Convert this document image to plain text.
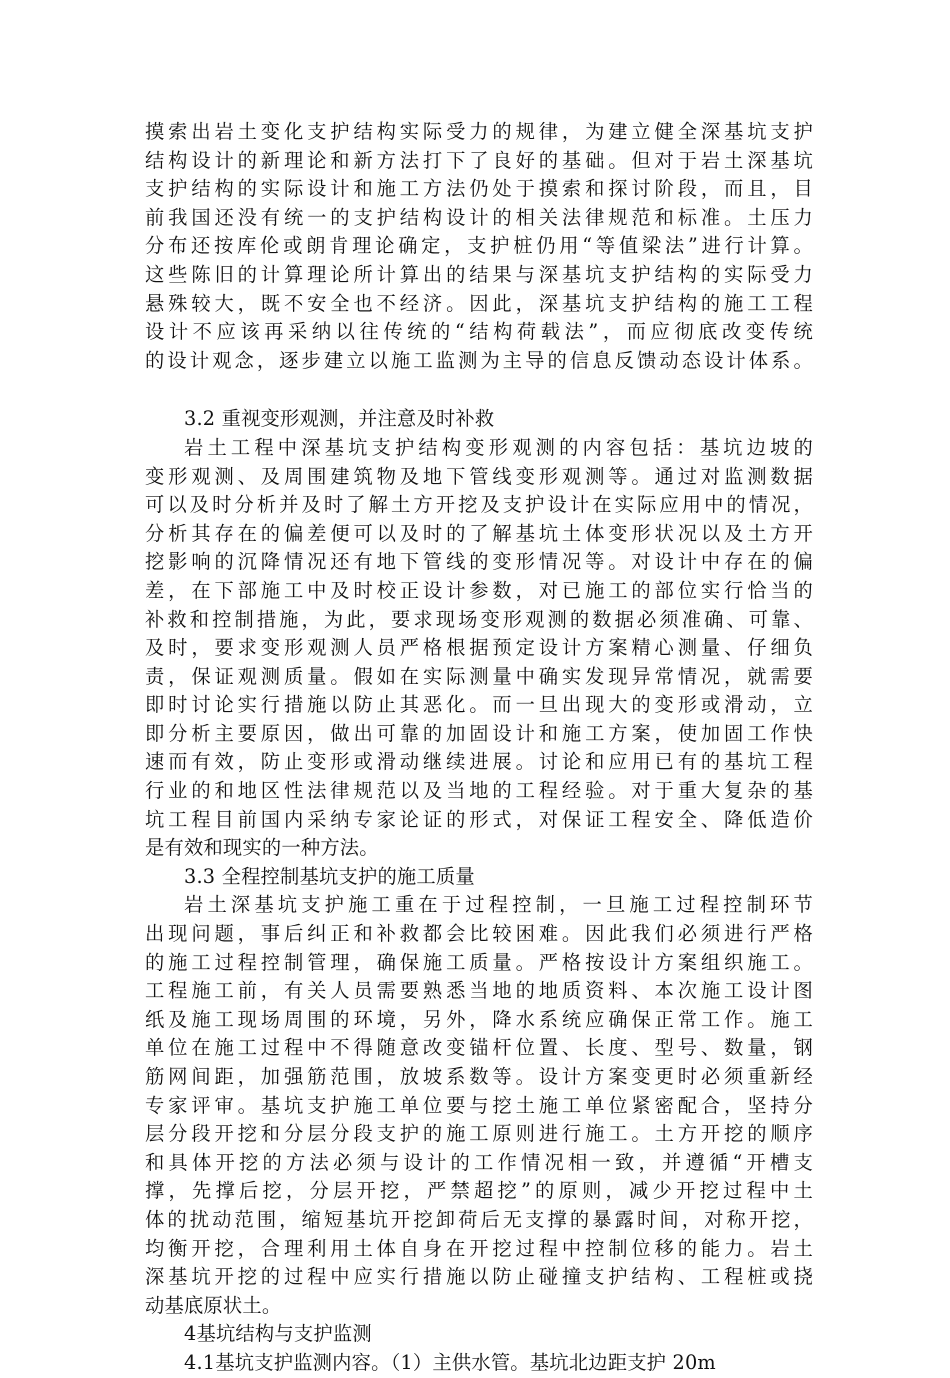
摸索出岩土变化支护结构实际受力的规律，为建立健全深基坑支护
结构设计的新理论和新方法打下了良好的基础。但对于岩土深基坑
支护结构的实际设计和施工方法仍处于摸索和探讨阶段，而且，目
前我国还没有统一的支护结构设计的相关法律规范和标准。土压力
分布还按库伦或朗肯理论确定，支护桩仍用“等值梁法”进行计算。
这些陈旧的计算理论所计算出的结果与深基坑支护结构的实际受力
悬殊较大，既不安全也不经济。因此，深基坑支护结构的施工工程
设计不应该再采纳以往传统的“结构荷载法”，而应彻底改变传统
的设计观念，逐步建立以施工监测为主导的信息反馈动态设计体系。
3.2 重视变形观测，并注意及时补救
岩土工程中深基坑支护结构变形观测的内容包括：基坑边坡的
变形观测、及周围建筑物及地下管线变形观测等。通过对监测数据
可以及时分析并及时了解土方开挖及支护设计在实际应用中的情况，
分析其存在的偏差便可以及时的了解基坑土体变形状况以及土方开
挖影响的沉降情况还有地下管线的变形情况等。对设计中存在的偏
差，在下部施工中及时校正设计参数，对已施工的部位实行恰当的
补救和控制措施，为此，要求现场变形观测的数据必须准确、可靠、
及时，要求变形观测人员严格根据预定设计方案精心测量、仔细负
责，保证观测质量。假如在实际测量中确实发现异常情况，就需要
即时讨论实行措施以防止其恶化。而一旦出现大的变形或滑动，立
即分析主要原因，做出可靠的加固设计和施工方案，使加固工作快
速而有效，防止变形或滑动继续进展。讨论和应用已有的基坑工程
行业的和地区性法律规范以及当地的工程经验。对于重大复杂的基
坑工程目前国内采纳专家论证的形式，对保证工程安全、降低造价
是有效和现实的一种方法。
3.3 全程控制基坑支护的施工质量
岩土深基坑支护施工重在于过程控制，一旦施工过程控制环节
出现问题，事后纠正和补救都会比较困难。因此我们必须进行严格
的施工过程控制管理，确保施工质量。严格按设计方案组织施工。
工程施工前，有关人员需要熟悉当地的地质资料、本次施工设计图
纸及施工现场周围的环境，另外，降水系统应确保正常工作。施工
单位在施工过程中不得随意改变锚杆位置、长度、型号、数量，钢
筋网间距，加强筋范围，放坡系数等。设计方案变更时必须重新经
专家评审。基坑支护施工单位要与挖土施工单位紧密配合，坚持分
层分段开挖和分层分段支护的施工原则进行施工。土方开挖的顺序
和具体开挖的方法必须与设计的工作情况相一致，并遵循“开槽支
撑，先撑后挖，分层开挖，严禁超挖”的原则，减少开挖过程中土
体的扰动范围，缩短基坑开挖卸荷后无支撑的暴露时间，对称开挖，
均衡开挖，合理利用土体自身在开挖过程中控制位移的能力。岩土
深基坑开挖的过程中应实行措施以防止碰撞支护结构、工程桩或挠
动基底原状土。
4基坑结构与支护监测
4.1基坑支护监测内容。（1）主供水管。基坑北边距支护 20m
